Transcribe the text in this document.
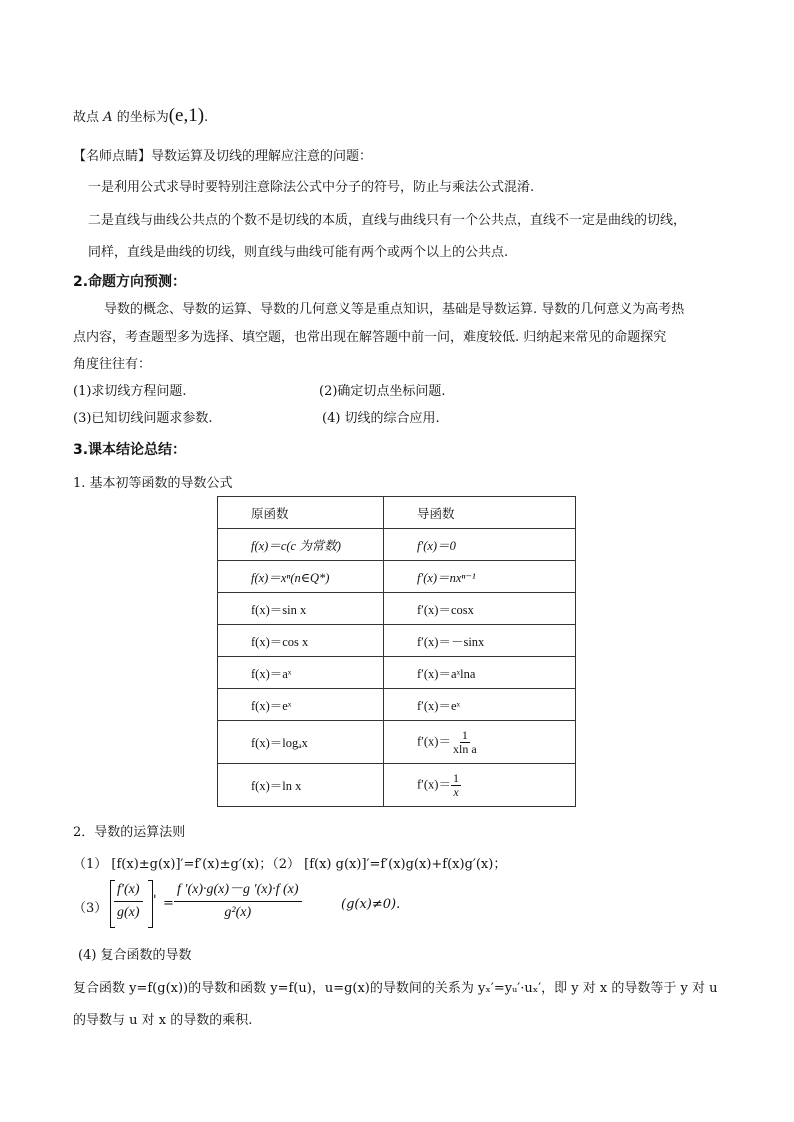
故点 A 的坐标为(e,1).
【名师点睛】导数运算及切线的理解应注意的问题：
一是利用公式求导时要特别注意除法公式中分子的符号，防止与乘法公式混淆.
二是直线与曲线公共点的个数不是切线的本质，直线与曲线只有一个公共点，直线不一定是曲线的切线，
同样，直线是曲线的切线，则直线与曲线可能有两个或两个以上的公共点.
2.命题方向预测：
导数的概念、导数的运算、导数的几何意义等是重点知识，基础是导数运算. 导数的几何意义为高考热
点内容，考查题型多为选择、填空题，也常出现在解答题中前一问，难度较低. 归纳起来常见的命题探究
角度往往有：
(1)求切线方程问题.	(2)确定切点坐标问题.
(3)已知切线问题求参数.	(4) 切线的综合应用.
3.课本结论总结：
1. 基本初等函数的导数公式
原函数	导函数
f(x)＝c(c 为常数)	f′(x)＝0
f(x)＝xⁿ(n∈Q*)	f′(x)＝nxⁿ⁻¹
f(x)＝sin x	f′(x)＝cosx
f(x)＝cos x	f′(x)＝－sinx
f(x)＝aˣ	f′(x)＝aˣlna
f(x)＝eˣ	f′(x)＝eˣ
f(x)＝logₐx	$f'(x)= \frac{1}{\text{xln a}}$

f(x)＝ln x	$f'(x)= \frac{1}{x}$
2．导数的运算法则
（1） [f(x)±g(x)]′=f′(x)±g′(x)；（2） [f(x) g(x)]′=f′(x)g(x)+f(x)g′(x)；
$(3) \frac{f'(x)}{g(x)}$ ' = $\frac{f '(x)\cdot g(x)-g '(x)\cdot f (x)}{\text{g²(x)}}$	(g(x)≠0).
(4) 复合函数的导数
复合函数 y=f(g(x))的导数和函数 y=f(u)，u=g(x)的导数间的关系为 yₓ′=yᵤ′·uₓ′，即 y 对 x 的导数等于 y 对 u
的导数与 u 对 x 的导数的乘积.
